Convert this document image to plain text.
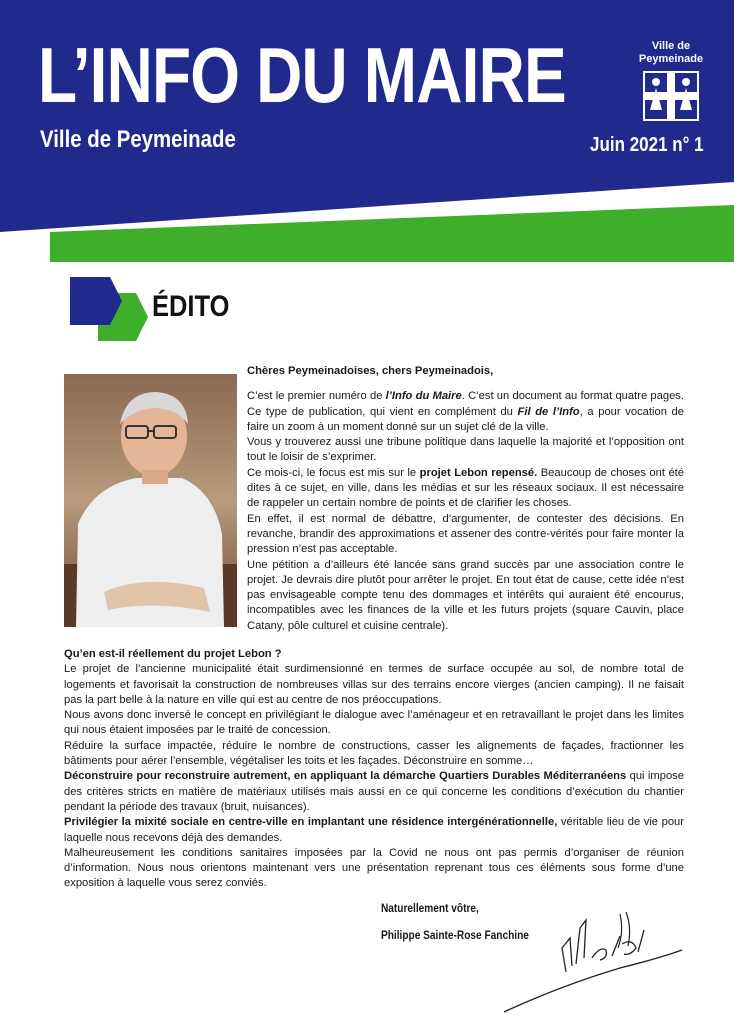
L’INFO DU MAIRE
Ville de Peymeinade	Juin 2021 n° 1
Ville de
Peymeinade
ÉDITO

Chères Peymeinadoises, chers Peymeinadois,

C’est le premier numéro de l’Info du Maire. C’est un document au format quatre pages. Ce type de publication, qui vient en complément du Fil de l’Info, a pour vocation de faire un zoom à un moment donné sur un sujet clé de la ville.

Vous y trouverez aussi une tribune politique dans laquelle la majorité et l’opposition ont tout le loisir de s’exprimer.

Ce mois-ci, le focus est mis sur le projet Lebon repensé. Beaucoup de choses ont été dites à ce sujet, en ville, dans les médias et sur les réseaux sociaux. Il est nécessaire de rappeler un certain nombre de points et de clarifier les choses.

En effet, il est normal de débattre, d’argumenter, de contester des décisions. En revanche, brandir des approximations et assener des contre-vérités pour faire monter la pression n’est pas acceptable.

Une pétition a d’ailleurs été lancée sans grand succès par une association contre le projet. Je devrais dire plutôt pour arrêter le projet. En tout état de cause, cette idée n’est pas envisageable compte tenu des dommages et intérêts qui auraient été encourus, incompatibles avec les finances de la ville et les futurs projets (square Cauvin, place Catany, pôle culturel et cuisine centrale).

Qu’en est-il réellement du projet Lebon ?

Le projet de l’ancienne municipalité était surdimensionné en termes de surface occupée au sol, de nombre total de logements et favorisait la construction de nombreuses villas sur des terrains encore vierges (ancien camping). Il ne faisait pas la part belle à la nature en ville qui est au centre de nos préoccupations.

Nous avons donc inversé le concept en privilégiant le dialogue avec l’aménageur et en retravaillant le projet dans les limites qui nous étaient imposées par le traité de concession.

Réduire la surface impactée, réduire le nombre de constructions, casser les alignements de façades, fractionner les bâtiments pour aérer l’ensemble, végétaliser les toits et les façades. Déconstruire en somme…

Déconstruire pour reconstruire autrement, en appliquant la démarche Quartiers Durables Méditerranéens qui impose des critères stricts en matière de matériaux utilisés mais aussi en ce qui concerne les conditions d’exécution du chantier pendant la période des travaux (bruit, nuisances).

Privilégier la mixité sociale en centre-ville en implantant une résidence intergénérationnelle, véritable lieu de vie pour laquelle nous recevons déjà des demandes.

Malheureusement les conditions sanitaires imposées par la Covid ne nous ont pas permis d’organiser de réunion d’information. Nous nous orientons maintenant vers une présentation reprenant tous ces éléments sous forme d’une exposition à laquelle vous serez conviés.

Naturellement vôtre,
Philippe Sainte-Rose Fanchine
